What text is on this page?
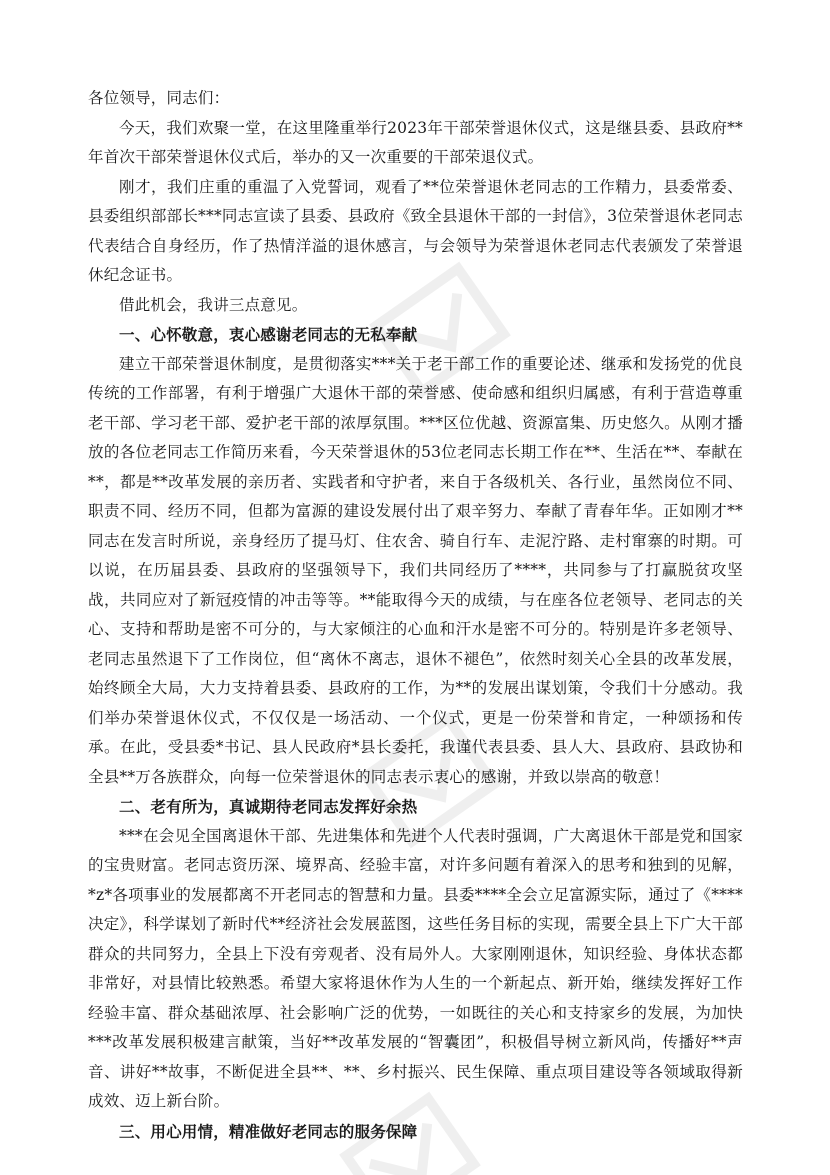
各位领导，同志们：

今天，我们欢聚一堂，在这里隆重举行2023年干部荣誉退休仪式，这是继县委、县政府**年首次干部荣誉退休仪式后，举办的又一次重要的干部荣退仪式。

刚才，我们庄重的重温了入党誓词，观看了**位荣誉退休老同志的工作精力，县委常委、县委组织部部长***同志宣读了县委、县政府《致全县退休干部的一封信》，3位荣誉退休老同志代表结合自身经历，作了热情洋溢的退休感言，与会领导为荣誉退休老同志代表颁发了荣誉退休纪念证书。

借此机会，我讲三点意见。

一、心怀敬意，衷心感谢老同志的无私奉献

建立干部荣誉退休制度，是贯彻落实***关于老干部工作的重要论述、继承和发扬党的优良传统的工作部署，有利于增强广大退休干部的荣誉感、使命感和组织归属感，有利于营造尊重老干部、学习老干部、爱护老干部的浓厚氛围。***区位优越、资源富集、历史悠久。从刚才播放的各位老同志工作简历来看，今天荣誉退休的53位老同志长期工作在**、生活在**、奉献在**，都是**改革发展的亲历者、实践者和守护者，来自于各级机关、各行业，虽然岗位不同、职责不同、经历不同，但都为富源的建设发展付出了艰辛努力、奉献了青春年华。正如刚才**同志在发言时所说，亲身经历了提马灯、住农舍、骑自行车、走泥泞路、走村窜寨的时期。可以说，在历届县委、县政府的坚强领导下，我们共同经历了****，共同参与了打赢脱贫攻坚战，共同应对了新冠疫情的冲击等等。**能取得今天的成绩，与在座各位老领导、老同志的关心、支持和帮助是密不可分的，与大家倾注的心血和汗水是密不可分的。特别是许多老领导、老同志虽然退下了工作岗位，但“离休不离志，退休不褪色”，依然时刻关心全县的改革发展，始终顾全大局，大力支持着县委、县政府的工作，为**的发展出谋划策，令我们十分感动。我们举办荣誉退休仪式，不仅仅是一场活动、一个仪式，更是一份荣誉和肯定，一种颂扬和传承。在此，受县委*书记、县人民政府*县长委托，我谨代表县委、县人大、县政府、县政协和全县**万各族群众，向每一位荣誉退休的同志表示衷心的感谢，并致以崇高的敬意！

二、老有所为，真诚期待老同志发挥好余热

***在会见全国离退休干部、先进集体和先进个人代表时强调，广大离退休干部是党和国家的宝贵财富。老同志资历深、境界高、经验丰富，对许多问题有着深入的思考和独到的见解，*z*各项事业的发展都离不开老同志的智慧和力量。县委****全会立足富源实际，通过了《****决定》，科学谋划了新时代**经济社会发展蓝图，这些任务目标的实现，需要全县上下广大干部群众的共同努力，全县上下没有旁观者、没有局外人。大家刚刚退休，知识经验、身体状态都非常好，对县情比较熟悉。希望大家将退休作为人生的一个新起点、新开始，继续发挥好工作经验丰富、群众基础浓厚、社会影响广泛的优势，一如既往的关心和支持家乡的发展，为加快***改革发展积极建言献策，当好**改革发展的“智囊团”，积极倡导树立新风尚，传播好**声音、讲好**故事，不断促进全县**、**、乡村振兴、民生保障、重点项目建设等各领域取得新成效、迈上新台阶。

三、用心用情，精准做好老同志的服务保障
